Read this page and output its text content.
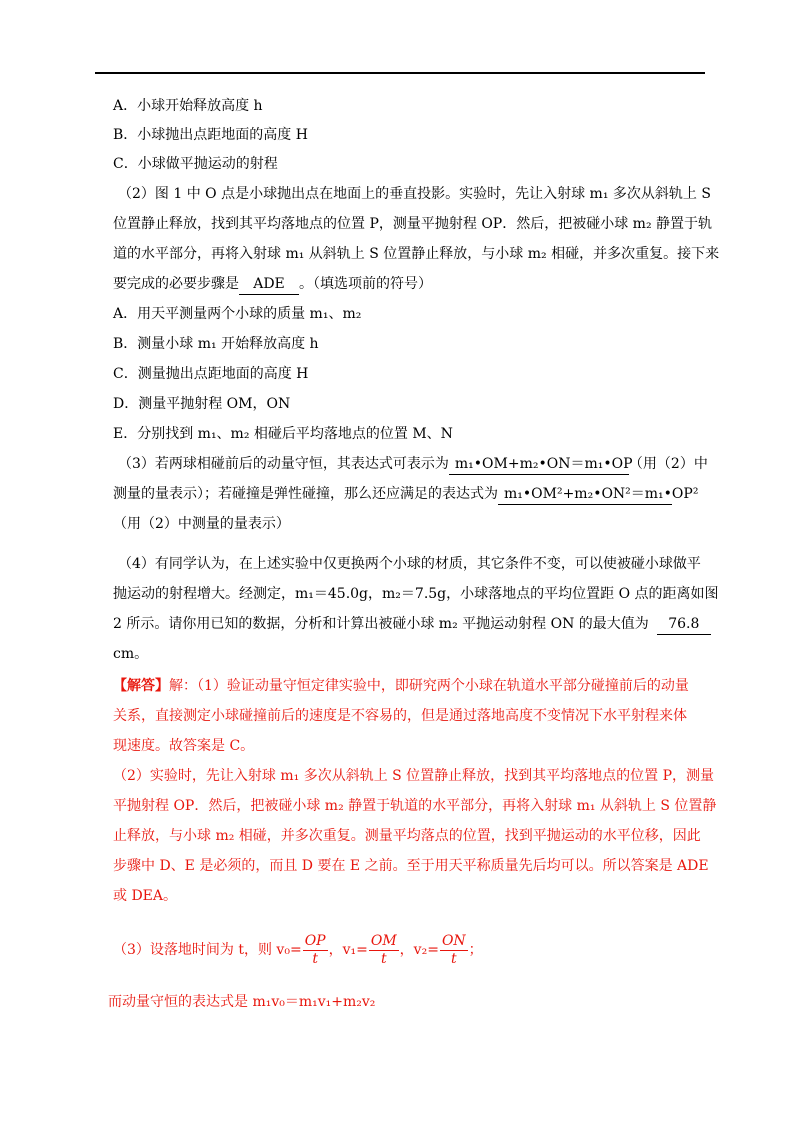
A．小球开始释放高度 h
B．小球抛出点距地面的高度 H
C．小球做平抛运动的射程
（2）图 1 中 O 点是小球抛出点在地面上的垂直投影。实验时，先让入射球 m₁ 多次从斜轨上 S
位置静止释放，找到其平均落地点的位置 P，测量平抛射程 OP．然后，把被碰小球 m₂ 静置于轨
道的水平部分，再将入射球 m₁ 从斜轨上 S 位置静止释放，与小球 m₂ 相碰，并多次重复。接下来
要完成的必要步骤是 ADE 。（填选项前的符号）
A．用天平测量两个小球的质量 m₁、m₂
B．测量小球 m₁ 开始释放高度 h
C．测量抛出点距地面的高度 H
D．测量平抛射程 OM，ON
E．分别找到 m₁、m₂ 相碰后平均落地点的位置 M、N
（3）若两球相碰前后的动量守恒，其表达式可表示为 m₁•OM+m₂•ON＝m₁•OP（用（2）中
测量的量表示）；若碰撞是弹性碰撞，那么还应满足的表达式为 m₁•OM²+m₂•ON²＝m₁•OP²
（用（2）中测量的量表示）
（4）有同学认为，在上述实验中仅更换两个小球的材质，其它条件不变，可以使被碰小球做平
抛运动的射程增大。经测定，m₁＝45.0g，m₂＝7.5g，小球落地点的平均位置距 O 点的距离如图
2 所示。请你用已知的数据，分析和计算出被碰小球 m₂ 平抛运动射程 ON 的最大值为 76.8
cm。
【解答】解：（1）验证动量守恒定律实验中，即研究两个小球在轨道水平部分碰撞前后的动量
关系，直接测定小球碰撞前后的速度是不容易的，但是通过落地高度不变情况下水平射程来体
现速度。故答案是 C。
（2）实验时，先让入射球 m₁ 多次从斜轨上 S 位置静止释放，找到其平均落地点的位置 P，测量
平抛射程 OP．然后，把被碰小球 m₂ 静置于轨道的水平部分，再将入射球 m₁ 从斜轨上 S 位置静
止释放，与小球 m₂ 相碰，并多次重复。测量平均落点的位置，找到平抛运动的水平位移，因此
步骤中 D、E 是必须的，而且 D 要在 E 之前。至于用天平称质量先后均可以。所以答案是 ADE
或 DEA。
（3）设落地时间为 t，则 $v_0= \frac{OP}{t}$ ，$v_1= \frac{OM}{t}$ ，$v_2= \frac{ON}{t}$ ；
而动量守恒的表达式是 m₁v₀＝m₁v₁+m₂v₂
